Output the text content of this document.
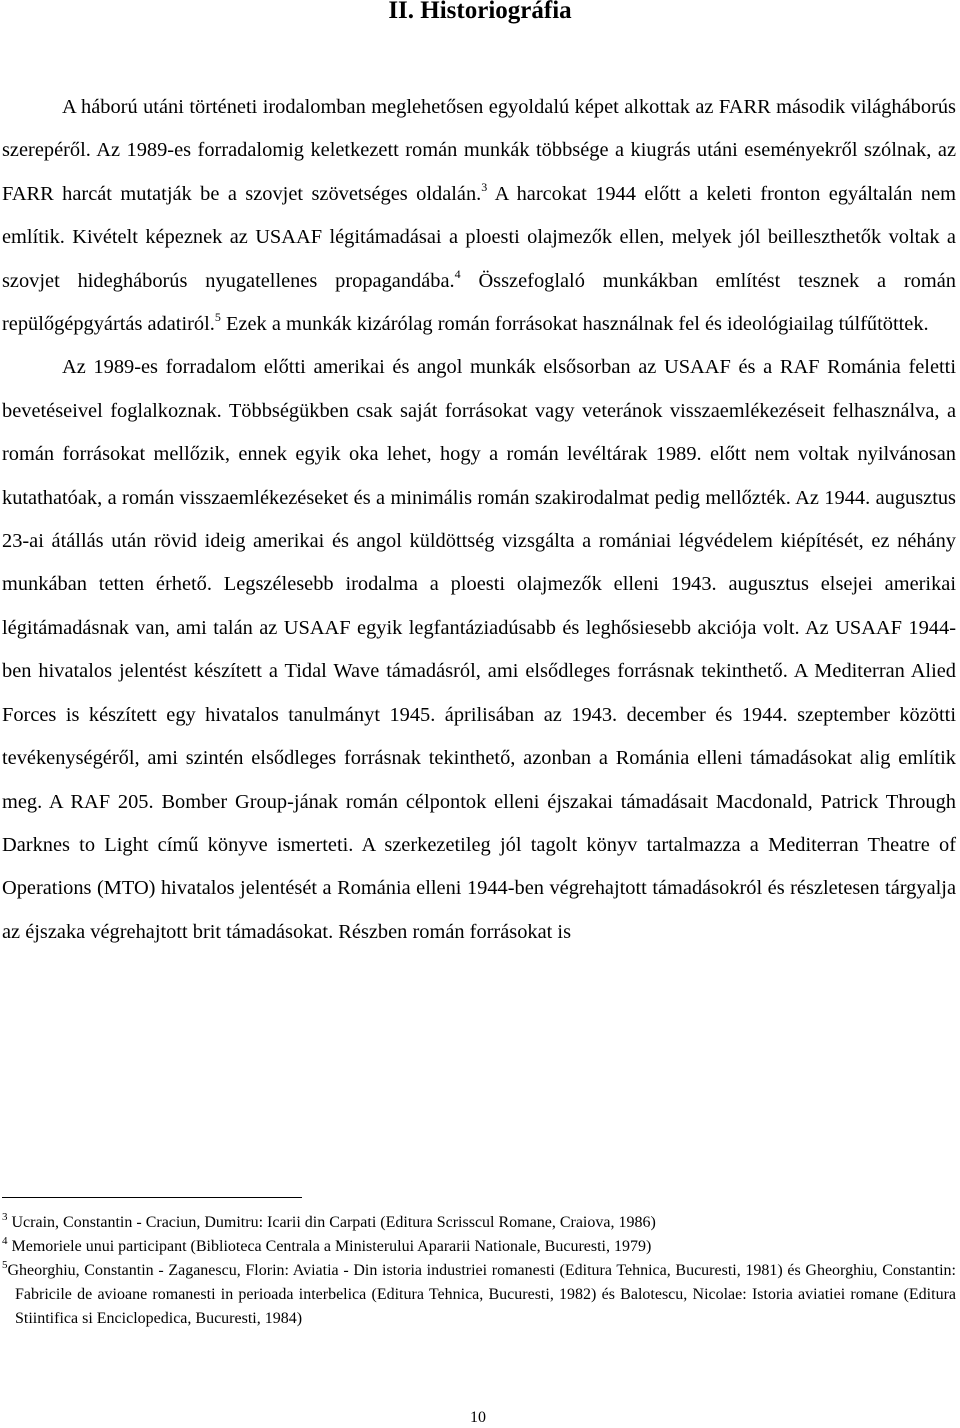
II. Historiográfia

A háború utáni történeti irodalomban meglehetősen egyoldalú képet alkottak az FARR második világháborús szerepéről. Az 1989-es forradalomig keletkezett román munkák többsége a kiugrás utáni eseményekről szólnak, az FARR harcát mutatják be a szovjet szövetséges oldalán.$^3$ A harcokat 1944 előtt a keleti fronton egyáltalán nem említik. Kivételt képeznek az USAAF légitámadásai a ploesti olajmezők ellen, melyek jól beilleszthetők voltak a szovjet hidegháborús nyugatellenes propagandába.$^4$ Összefoglaló munkákban említést tesznek a román repülőgépgyártás adatiról.$^5$ Ezek a munkák kizárólag román forrásokat használnak fel és ideológiailag túlfűtöttek.

Az 1989-es forradalom előtti amerikai és angol munkák elsősorban az USAAF és a RAF Románia feletti bevetéseivel foglalkoznak. Többségükben csak saját forrásokat vagy veteránok visszaemlékezéseit felhasználva, a román forrásokat mellőzik, ennek egyik oka lehet, hogy a román levéltárak 1989. előtt nem voltak nyilvánosan kutathatóak, a román visszaemlékezéseket és a minimális román szakirodalmat pedig mellőzték. Az 1944. augusztus 23-ai átállás után rövid ideig amerikai és angol küldöttség vizsgálta a romániai légvédelem kiépítését, ez néhány munkában tetten érhető. Legszélesebb irodalma a ploesti olajmezők elleni 1943. augusztus elsejei amerikai légitámadásnak van, ami talán az USAAF egyik legfantáziadúsabb és leghősiesebb akciója volt. Az USAAF 1944-ben hivatalos jelentést készített a Tidal Wave támadásról, ami elsődleges forrásnak tekinthető. A Mediterran Alied Forces is készített egy hivatalos tanulmányt 1945. áprilisában az 1943. december és 1944. szeptember közötti tevékenységéről, ami szintén elsődleges forrásnak tekinthető, azonban a Románia elleni támadásokat alig említik meg. A RAF 205. Bomber Group-jának román célpontok elleni éjszakai támadásait Macdonald, Patrick Through Darknes to Light című könyve ismerteti. A szerkezetileg jól tagolt könyv tartalmazza a Mediterran Theatre of Operations (MTO) hivatalos jelentését a Románia elleni 1944-ben végrehajtott támadásokról és részletesen tárgyalja az éjszaka végrehajtott brit támadásokat. Részben román forrásokat is

$^3$ Ucrain, Constantin - Craciun, Dumitru: Icarii din Carpati (Editura Scrisscul Romane, Craiova, 1986)

$^4$ Memoriele unui participant (Biblioteca Centrala a Ministerului Apararii Nationale, Bucuresti, 1979)

$^5$Gheorghiu, Constantin - Zaganescu, Florin: Aviatia - Din istoria industriei romanesti (Editura Tehnica, Bucuresti, 1981) és Gheorghiu, Constantin: Fabricile de avioane romanesti in perioada interbelica (Editura Tehnica, Bucuresti, 1982) és Balotescu, Nicolae: Istoria aviatiei romane (Editura Stiintifica si Enciclopedica, Bucuresti, 1984)

10
